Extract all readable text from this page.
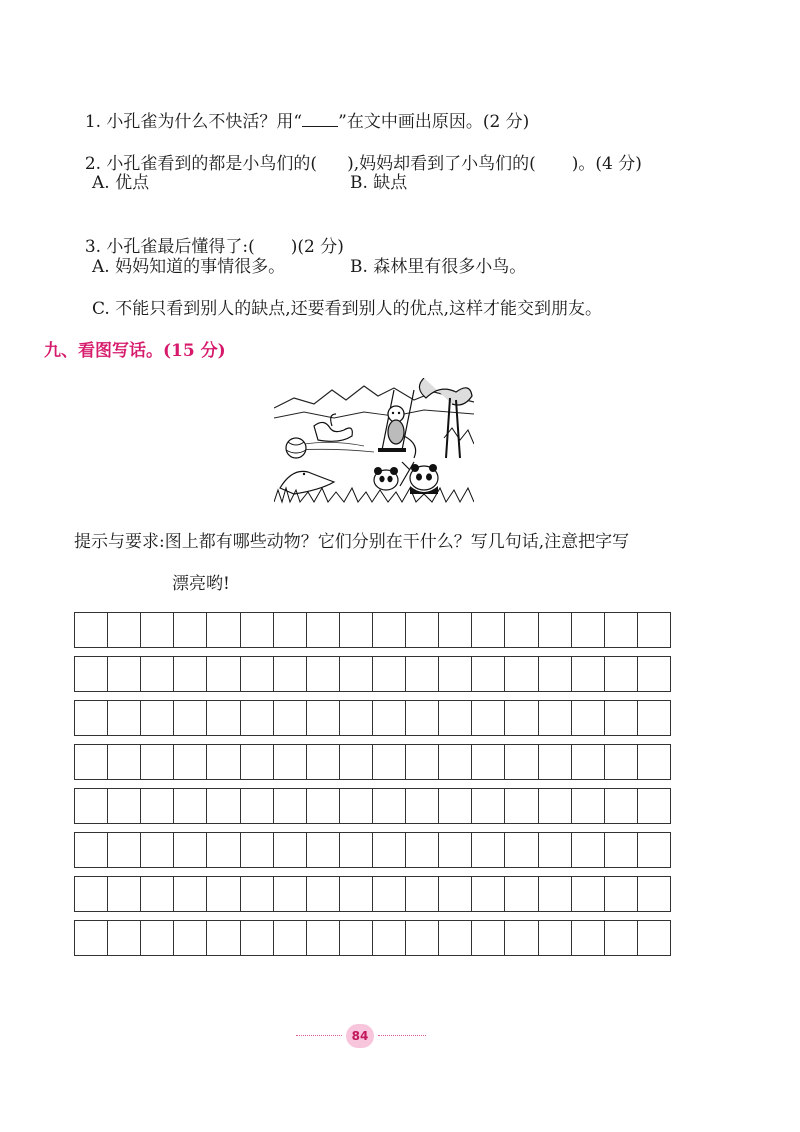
1. 小孔雀为什么不快活？用“ ”在文中画出原因。(2 分)

2. 小孔雀看到的都是小鸟们的( ),妈妈却看到了小鸟们的( )。(4 分)

A. 优点	B. 缺点

3. 小孔雀最后懂得了:( )(2 分)

A. 妈妈知道的事情很多。	B. 森林里有很多小鸟。
C. 不能只看到别人的缺点,还要看到别人的优点,这样才能交到朋友。
九、看图写话。(15 分)
提示与要求:图上都有哪些动物？它们分别在干什么？写几句话,注意把字写
漂亮哟!
84
